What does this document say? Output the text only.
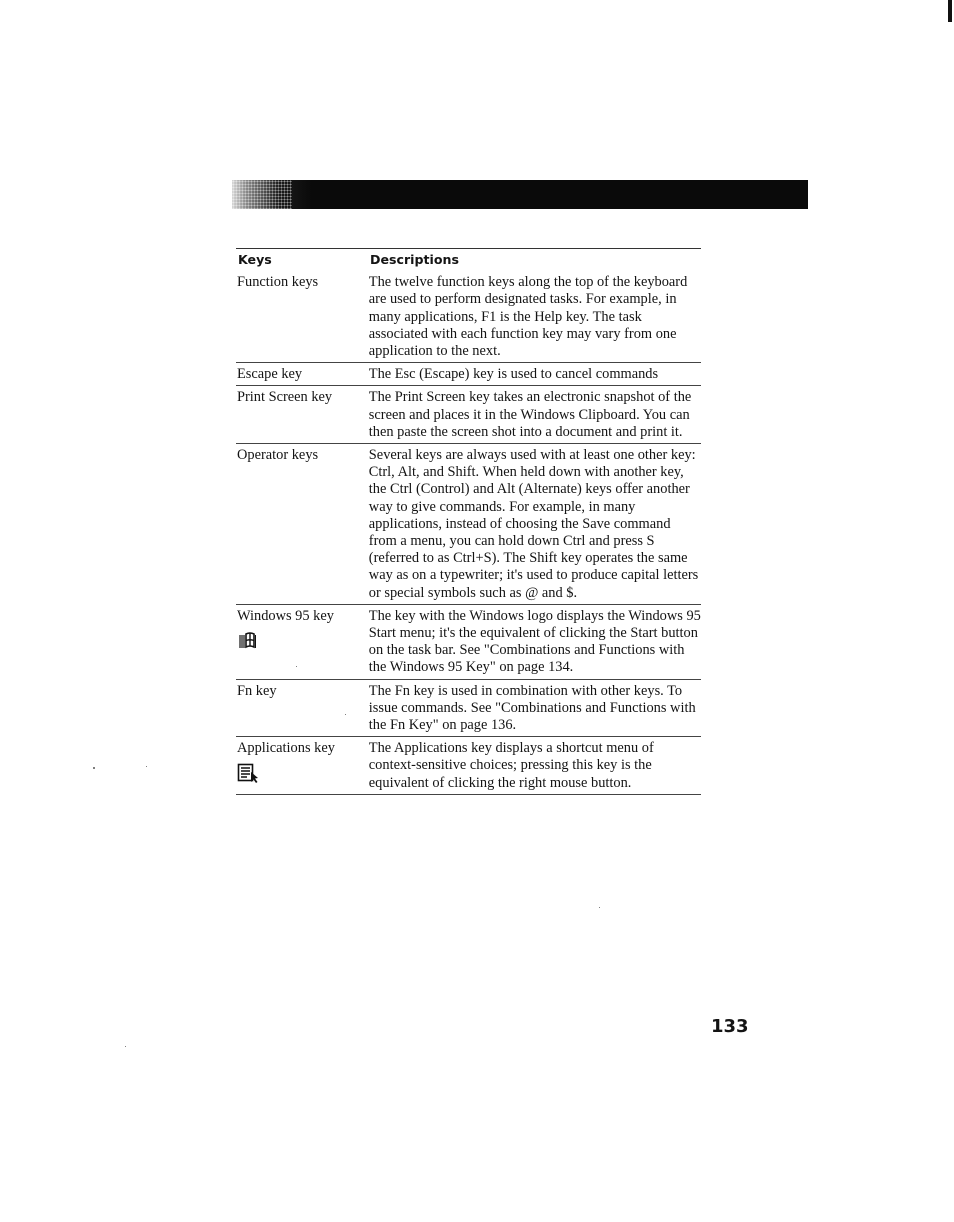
Keys Descriptions	

Function keys	The twelve function keys along the top of the keyboard are used to perform designated tasks. For example, in many applications, F1 is the Help key. The task associated with each function key may vary from one application to the next.
Escape key	The Esc (Escape) key is used to cancel commands
Print Screen key	The Print Screen key takes an electronic snapshot of the screen and places it in the Windows Clipboard. You can then paste the screen shot into a document and print it.
Operator keys	Several keys are always used with at least one other key: Ctrl, Alt, and Shift. When held down with another key, the Ctrl (Control) and Alt (Alternate) keys offer another way to give commands. For example, in many applications, instead of choosing the Save command from a menu, you can hold down Ctrl and press S (referred to as Ctrl+S). The Shift key operates the same way as on a typewriter; it's used to produce capital letters or special symbols such as @ and $.
Windows 95 key	The key with the Windows logo displays the Windows 95 Start menu; it's the equivalent of clicking the Start button on the task bar. See "Combinations and Functions with the Windows 95 Key" on page 134.
Fn key	The Fn key is used in combination with other keys. To issue commands. See "Combinations and Functions with the Fn Key" on page 136.
Applications key	The Applications key displays a shortcut menu of context-sensitive choices; pressing this key is the equivalent of clicking the right mouse button.
133
